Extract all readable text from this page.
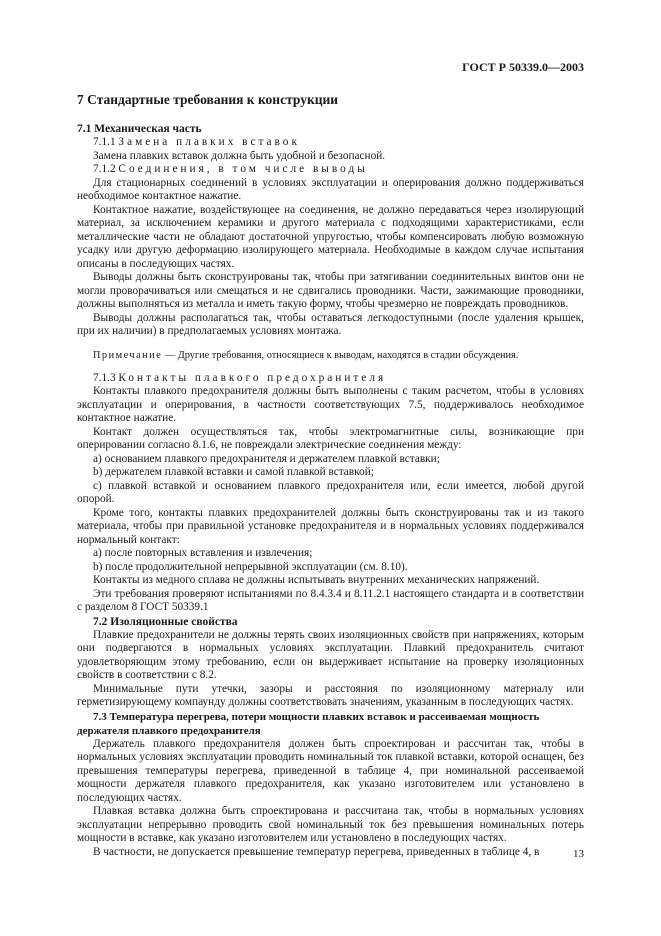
ГОСТ Р 50339.0—2003
7 Стандартные требования к конструкции
7.1 Механическая часть

7.1.1 Замена плавких вставок

Замена плавких вставок должна быть удобной и безопасной.

7.1.2 Соединения, в том числе выводы

Для стационарных соединений в условиях эксплуатации и оперирования должно поддерживаться необходимое контактное нажатие.

Контактное нажатие, воздействующее на соединения, не должно передаваться через изолирующий материал, за исключением керамики и другого материала с подходящими характеристиками, если металлические части не обладают достаточной упругостью, чтобы компенсировать любую возможную усадку или другую деформацию изолирующего материала. Необходимые в каждом случае испытания описаны в последующих частях.

Выводы должны быть сконструированы так, чтобы при затягивании соединительных винтов они не могли проворачиваться или смещаться и не сдвигались проводники. Части, зажимающие проводники, должны выполняться из металла и иметь такую форму, чтобы чрезмерно не повреждать проводников.

Выводы должны располагаться так, чтобы оставаться легкодоступными (после удаления крышек, при их наличии) в предполагаемых условиях монтажа.

Примечание — Другие требования, относящиеся к выводам, находятся в стадии обсуждения.

7.1.3 Контакты плавкого предохранителя

Контакты плавкого предохранителя должны быть выполнены с таким расчетом, чтобы в условиях эксплуатации и оперирования, в частности соответствующих 7.5, поддерживалось необходимое контактное нажатие.

Контакт должен осуществляться так, чтобы электромагнитные силы, возникающие при оперировании согласно 8.1.6, не повреждали электрические соединения между:

a) основанием плавкого предохранителя и держателем плавкой вставки;

b) держателем плавкой вставки и самой плавкой вставкой;

c) плавкой вставкой и основанием плавкого предохранителя или, если имеется, любой другой опорой.

Кроме того, контакты плавких предохранителей должны быть сконструированы так и из такого материала, чтобы при правильной установке предохранителя и в нормальных условиях поддерживался нормальный контакт:

a) после повторных вставления и извлечения;

b) после продолжительной непрерывной эксплуатации (см. 8.10).

Контакты из медного сплава не должны испытывать внутренних механических напряжений.

Эти требования проверяют испытаниями по 8.4.3.4 и 8.11.2.1 настоящего стандарта и в соответствии с разделом 8 ГОСТ 50339.1

7.2 Изоляционные свойства

Плавкие предохранители не должны терять своих изоляционных свойств при напряжениях, которым они подвергаются в нормальных условиях эксплуатации. Плавкий предохранитель считают удовлетворяющим этому требованию, если он выдерживает испытание на проверку изоляционных свойств в соответствии с 8.2.

Минимальные пути утечки, зазоры и расстояния по изоляционному материалу или герметизирующему компаунду должны соответствовать значениям, указанным в последующих частях.

7.3 Температура перегрева, потери мощности плавких вставок и рассеиваемая мощность держателя плавкого предохранителя

Держатель плавкого предохранителя должен быть спроектирован и рассчитан так, чтобы в нормальных условиях эксплуатации проводить номинальный ток плавкой вставки, которой оснащен, без превышения температуры перегрева, приведенной в таблице 4, при номинальной рассеиваемой мощности держателя плавкого предохранителя, как указано изготовителем или установлено в последующих частях.

Плавкая вставка должна быть спроектирована и рассчитана так, чтобы в нормальных условиях эксплуатации непрерывно проводить свой номинальный ток без превышения номинальных потерь мощности в вставке, как указано изготовителем или установлено в последующих частях.

В частности, не допускается превышение температур перегрева, приведенных в таблице 4, в	13
